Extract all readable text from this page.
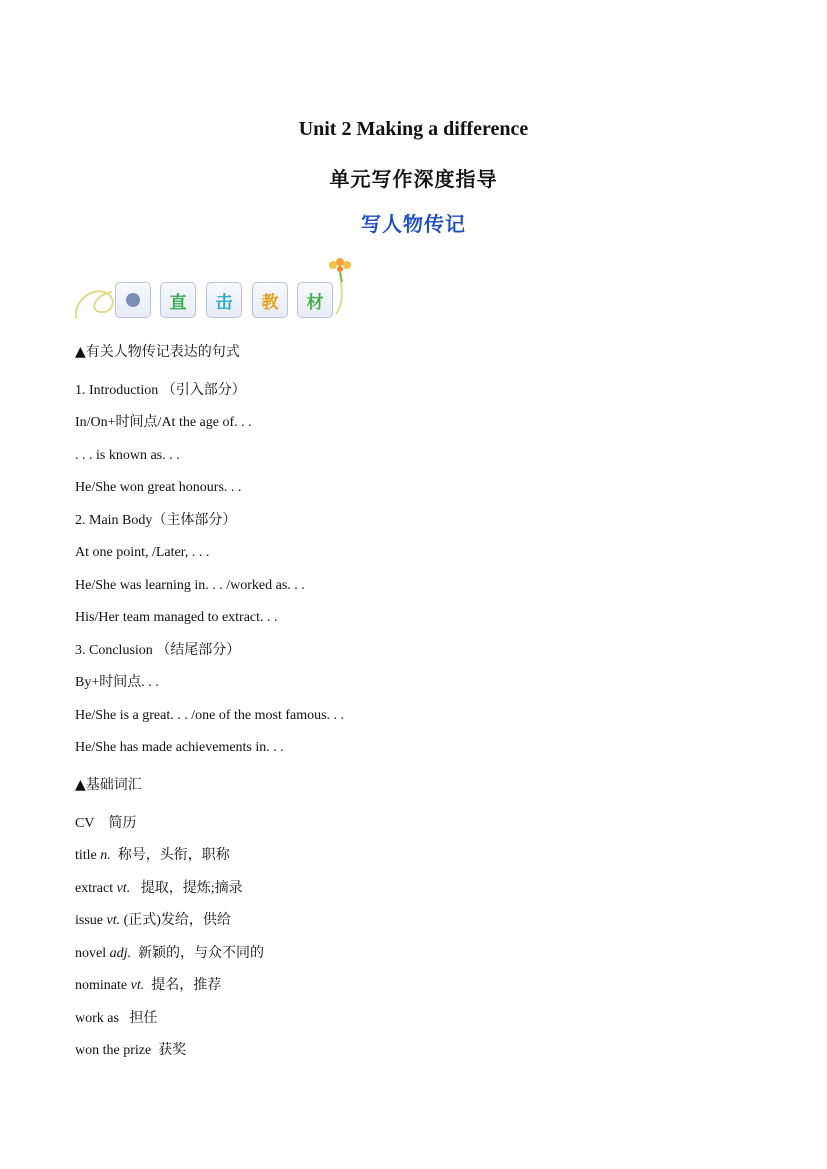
Unit 2 Making a difference
单元写作深度指导
写人物传记
直 击 教 材
▲有关人物传记表达的句式
1. Introduction （引入部分）
In/On+时间点/At the age of. . .
. . . is known as. . .
He/She won great honours. . .
2. Main Body（主体部分）
At one point, /Later, . . .
He/She was learning in. . . /worked as. . .
His/Her team managed to extract. . .
3. Conclusion （结尾部分）
By+时间点. . .
He/She is a great. . . /one of the most famous. . .
He/She has made achievements in. . .
▲基础词汇
CV 简历
title n. 称号，头衔，职称
extract vt. 提取，提炼;摘录
issue vt. (正式)发给，供给
novel adj. 新颖的，与众不同的
nominate vt. 提名，推荐
work as 担任
won the prize 获奖
